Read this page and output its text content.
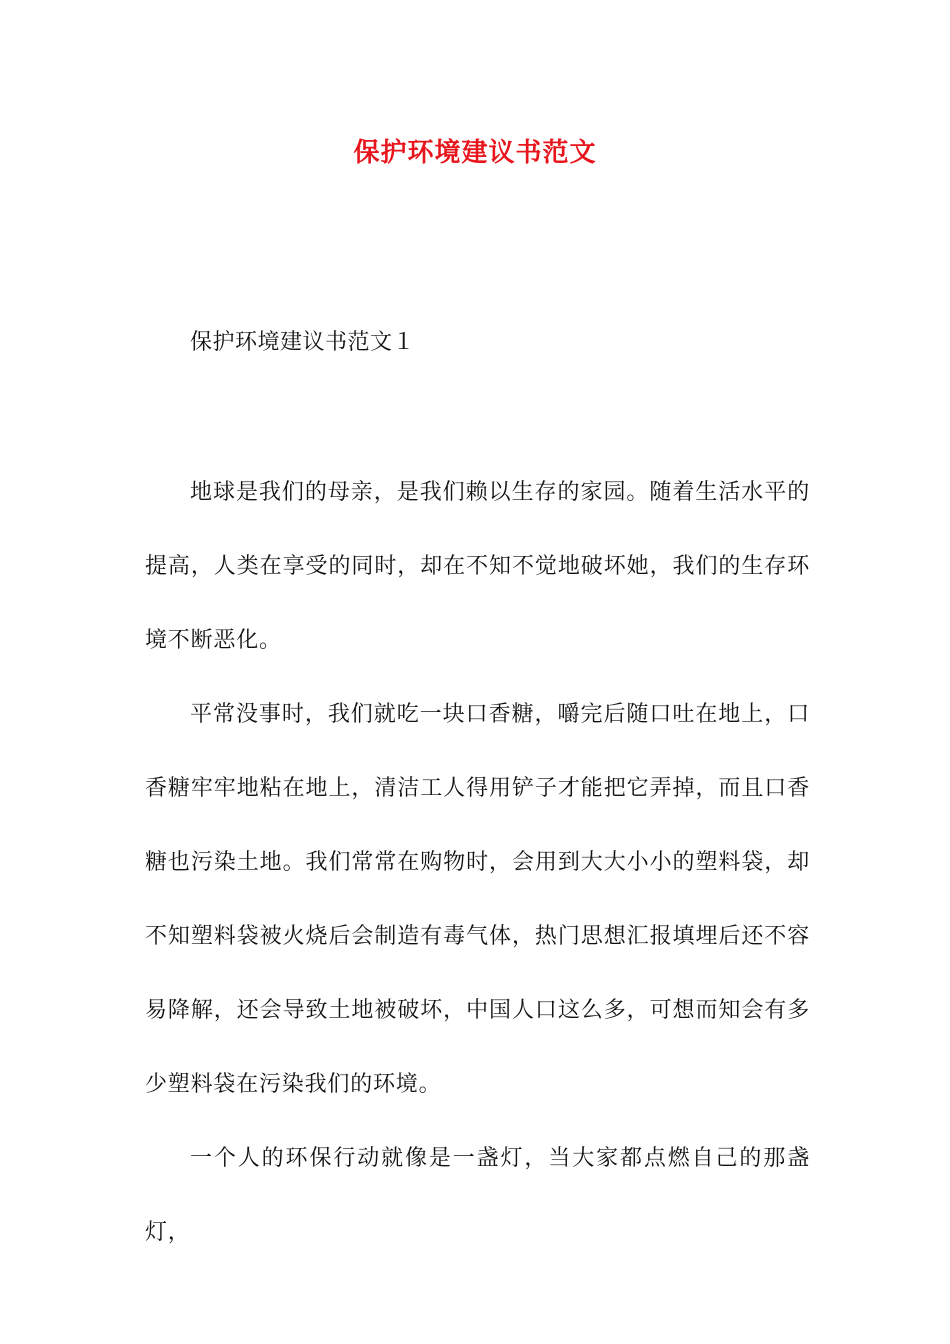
保护环境建议书范文

保护环境建议书范文１

地球是我们的母亲，是我们赖以生存的家园。随着生活水平的提高，人类在享受的同时，却在不知不觉地破坏她，我们的生存环境不断恶化。

平常没事时，我们就吃一块口香糖，嚼完后随口吐在地上，口香糖牢牢地粘在地上，清洁工人得用铲子才能把它弄掉，而且口香糖也污染土地。我们常常在购物时，会用到大大小小的塑料袋，却不知塑料袋被火烧后会制造有毒气体，热门思想汇报填埋后还不容易降解，还会导致土地被破坏，中国人口这么多，可想而知会有多少塑料袋在污染我们的环境。

一个人的环保行动就像是一盏灯，当大家都点燃自己的那盏灯，
